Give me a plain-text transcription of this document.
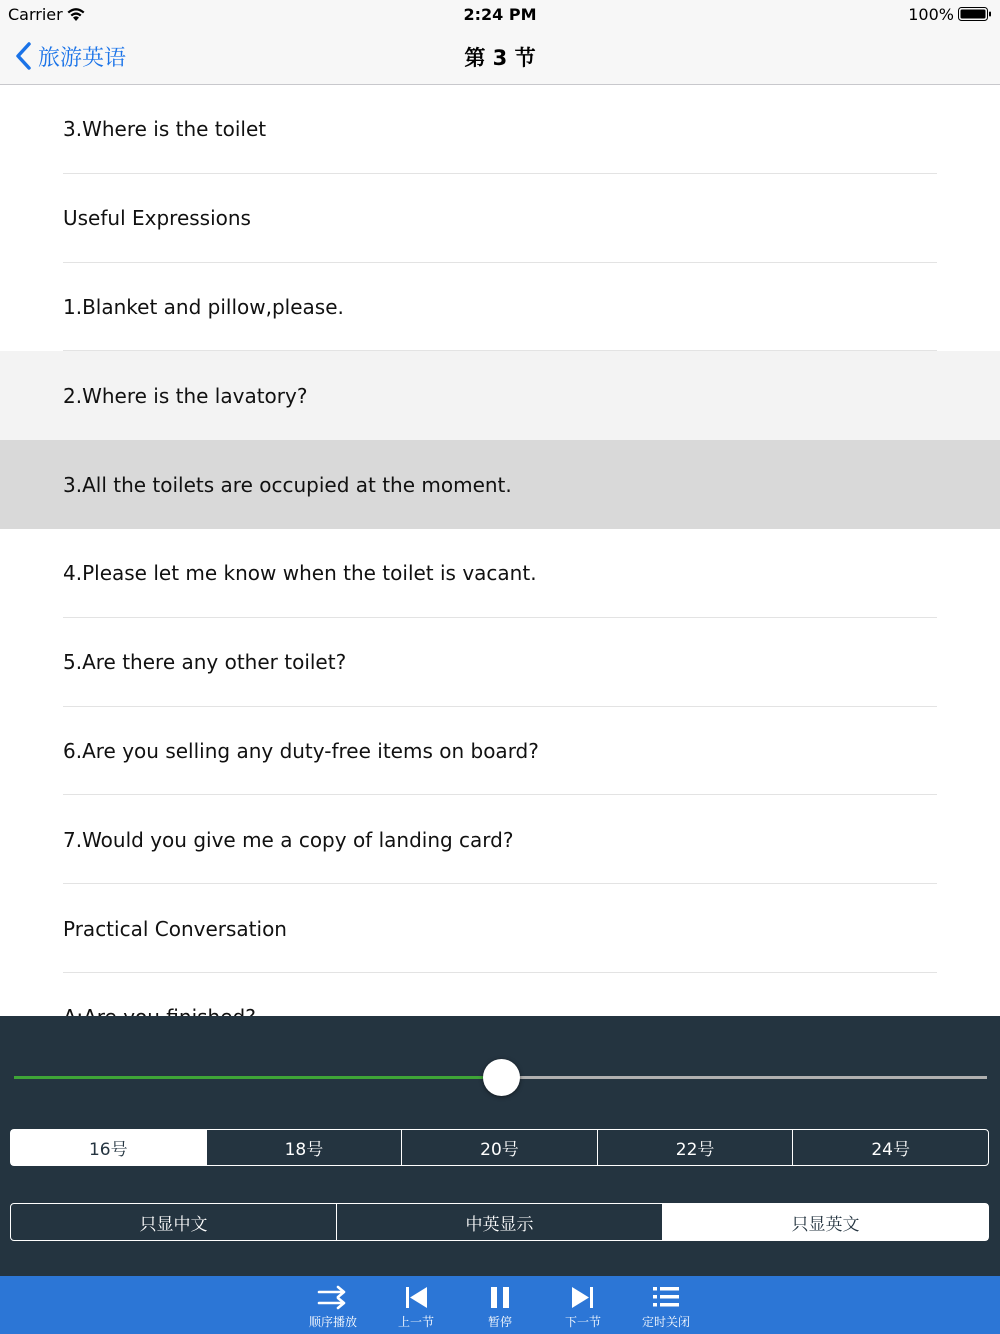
Carrier	2:24 PM	100%
旅游英语	第 3 节
3.Where is the toilet
Useful Expressions
1.Blanket and pillow,please.
2.Where is the lavatory?
3.All the toilets are occupied at the moment.
4.Please let me know when the toilet is vacant.
5.Are there any other toilet?
6.Are you selling any duty-free items on board?
7.Would you give me a copy of landing card?
Practical Conversation
16号	18号	20号	22号	24号
只显中文	中英显示	只显英文
顺序播放	上一节	暂停	下一节	定时关闭
